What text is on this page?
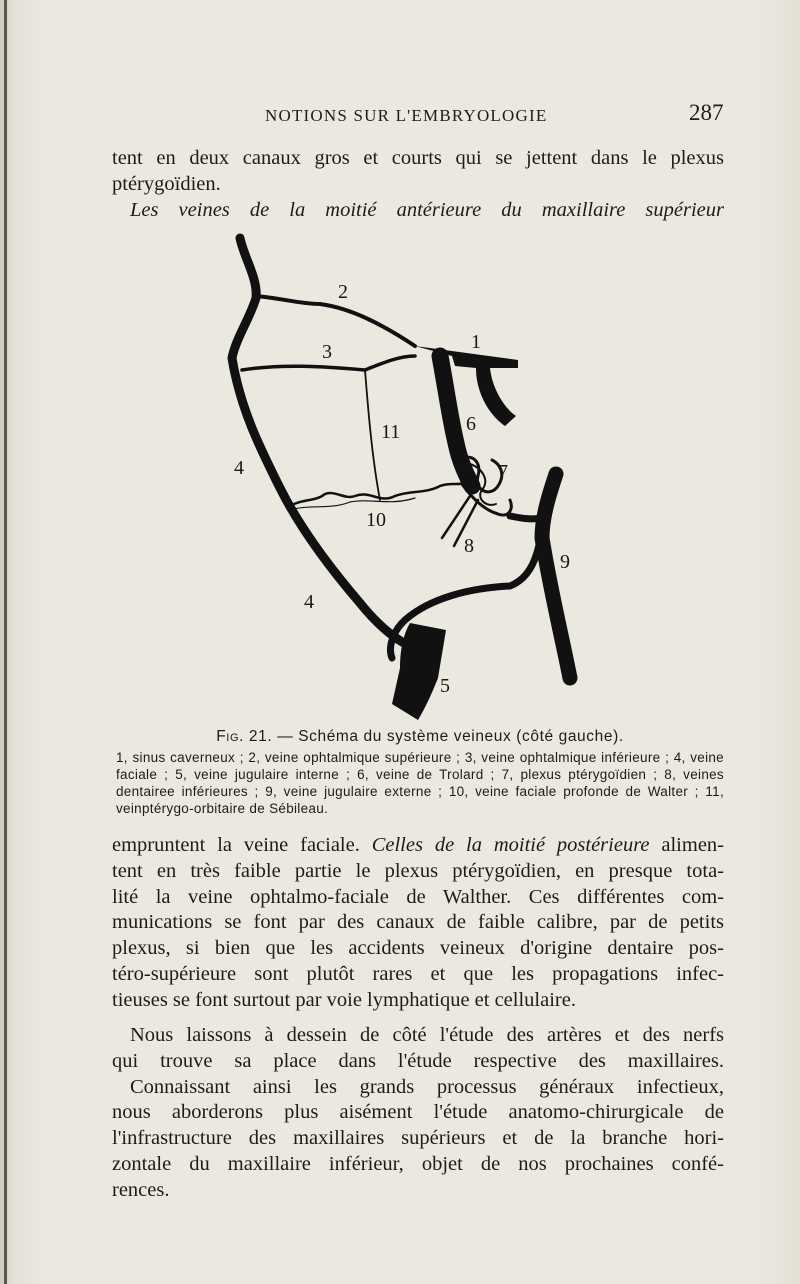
NOTIONS SUR L'EMBRYOLOGIE	287
tent en deux canaux gros et courts qui se jettent dans le plexus
ptérygoïdien.
Les veines de la moitié antérieure du maxillaire supérieur
2
3	1
11	6
4	7
10
8
9
4
5
Fig. 21. — Schéma du système veineux (côté gauche).
1, sinus caverneux ; 2, veine ophtalmique supérieure ; 3, veine ophtalmique inférieure ; 4, veine faciale ; 5, veine jugulaire interne ; 6, veine de Trolard ; 7, plexus ptérygoïdien ; 8, veines dentairee inférieures ; 9, veine jugulaire externe ; 10, veine faciale profonde de Walter ; 11, veinptérygo-orbitaire de Sébileau.
empruntent la veine faciale. Celles de la moitié postérieure alimen-
tent en très faible partie le plexus ptérygoïdien, en presque tota-
lité la veine ophtalmo-faciale de Walther. Ces différentes com-
munications se font par des canaux de faible calibre, par de petits
plexus, si bien que les accidents veineux d'origine dentaire pos-
téro-supérieure sont plutôt rares et que les propagations infec-
tieuses se font surtout par voie lymphatique et cellulaire.
Nous laissons à dessein de côté l'étude des artères et des nerfs
qui trouve sa place dans l'étude respective des maxillaires.
Connaissant ainsi les grands processus généraux infectieux,
nous aborderons plus aisément l'étude anatomo-chirurgicale de
l'infrastructure des maxillaires supérieurs et de la branche hori-
zontale du maxillaire inférieur, objet de nos prochaines confé-
rences.
